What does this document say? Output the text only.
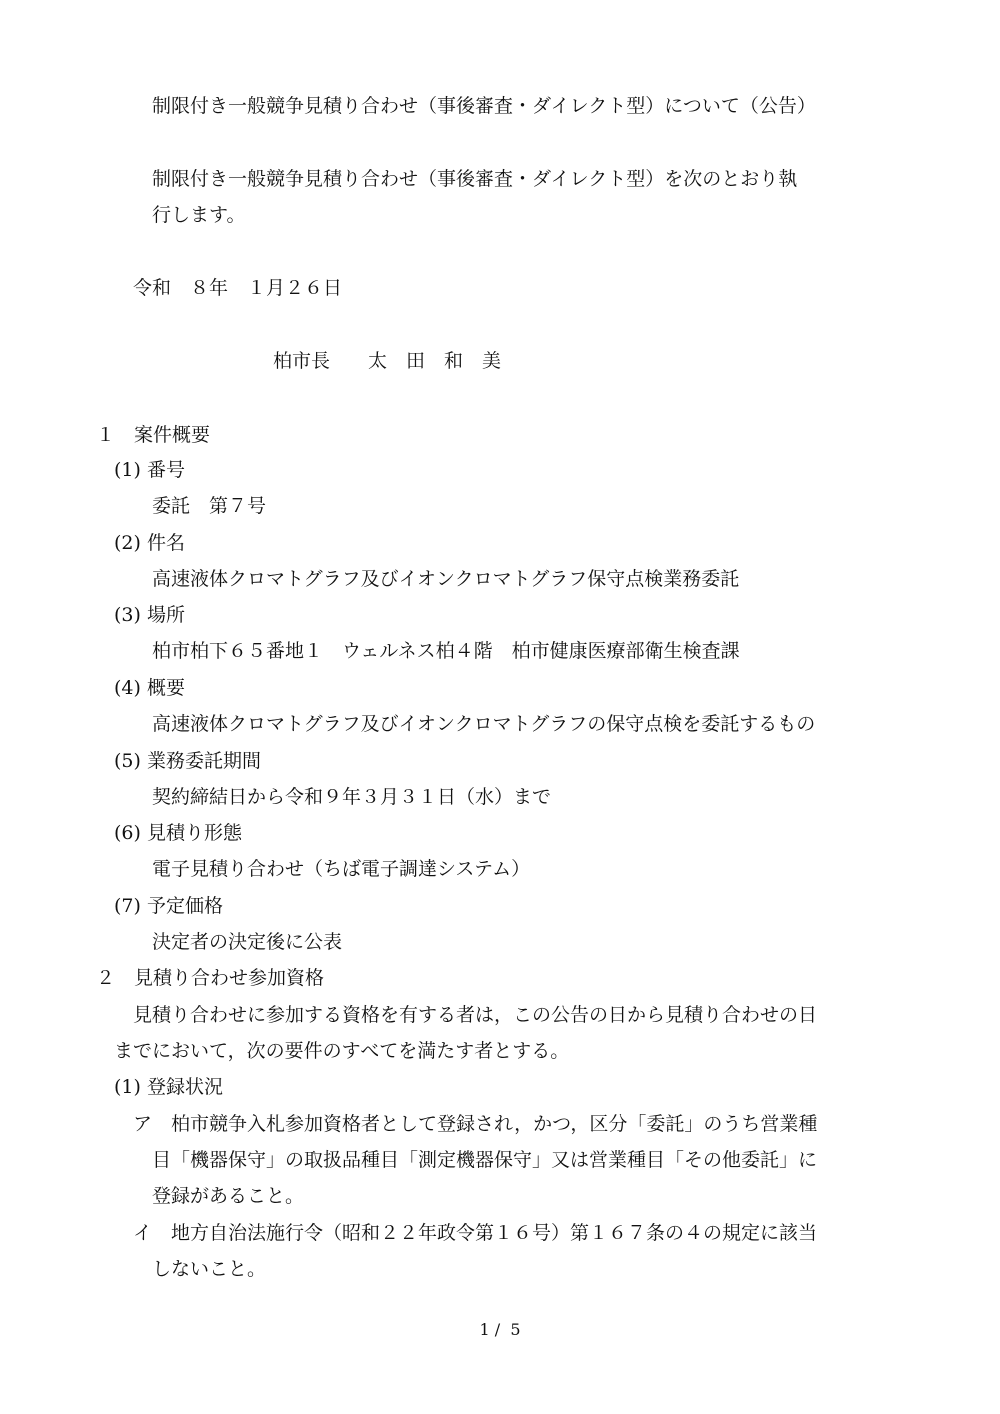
制限付き一般競争見積り合わせ（事後審査・ダイレクト型）について（公告）
制限付き一般競争見積り合わせ（事後審査・ダイレクト型）を次のとおり執
行します。
令和　８年　１月２６日
柏市長　　太　田　和　美
１　案件概要
(1) 番号
委託　第７号
(2) 件名
高速液体クロマトグラフ及びイオンクロマトグラフ保守点検業務委託
(3) 場所
柏市柏下６５番地１　ウェルネス柏４階　柏市健康医療部衛生検査課
(4) 概要
高速液体クロマトグラフ及びイオンクロマトグラフの保守点検を委託するもの
(5) 業務委託期間
契約締結日から令和９年３月３１日（水）まで
(6) 見積り形態
電子見積り合わせ（ちば電子調達システム）
(7) 予定価格
決定者の決定後に公表
２　見積り合わせ参加資格
見積り合わせに参加する資格を有する者は，この公告の日から見積り合わせの日
までにおいて，次の要件のすべてを満たす者とする。
(1) 登録状況
ア　柏市競争入札参加資格者として登録され，かつ，区分「委託」のうち営業種
目「機器保守」の取扱品種目「測定機器保守」又は営業種目「その他委託」に
登録があること。
イ　地方自治法施行令（昭和２２年政令第１６号）第１６７条の４の規定に該当
しないこと。
1 /  5
